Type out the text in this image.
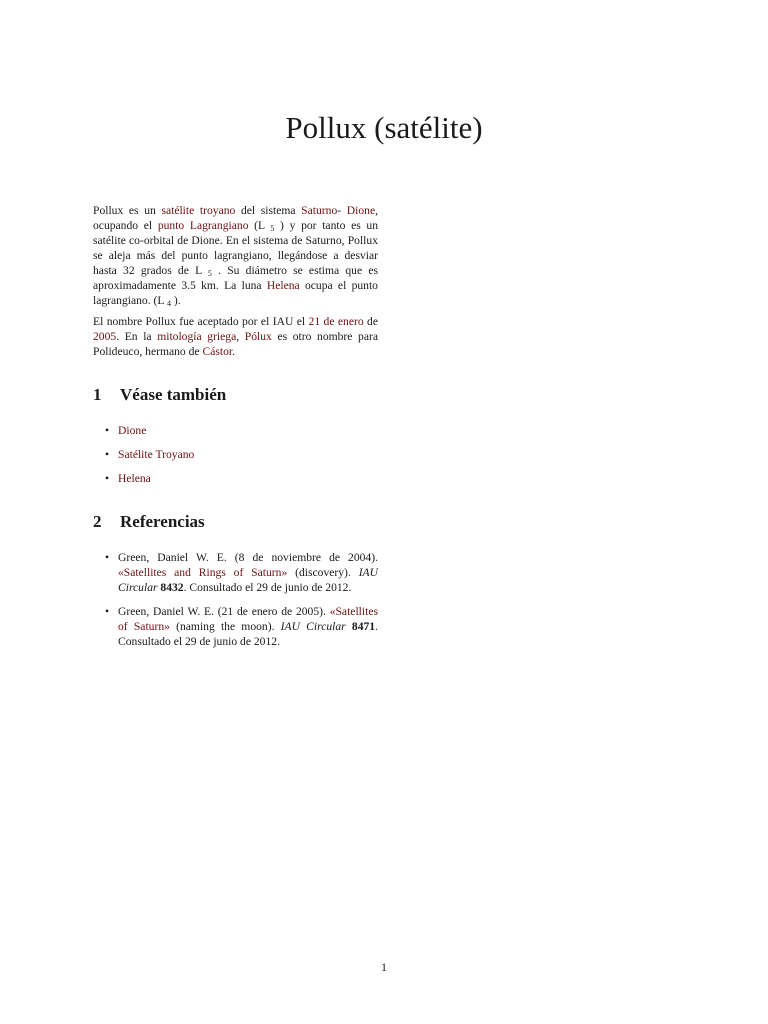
Pollux (satélite)

Pollux es un satélite troyano del sistema Saturno- Dione, ocupando el punto Lagrangiano (L $_5$ ) y por tanto es un satélite co-orbital de Dione. En el sistema de Saturno, Pollux se aleja más del punto lagrangiano, llegándose a desviar hasta 32 grados de L $_5$ . Su diámetro se estima que es aproximadamente 3.5 km. La luna Helena ocupa el punto lagrangiano. (L $_4$ ).

El nombre Pollux fue aceptado por el IAU el 21 de enero de 2005. En la mitología griega, Pólux es otro nombre para Polideuco, hermano de Cástor.

1 Véase también
• Dione
• Satélite Troyano
• Helena
2 Referencias
• Green, Daniel W. E. (8 de noviembre de 2004). «Satellites and Rings of Saturn» (discovery). IAU Circular 8432. Consultado el 29 de junio de 2012.
• Green, Daniel W. E. (21 de enero de 2005). «Satellites of Saturn» (naming the moon). IAU Circular 8471. Consultado el 29 de junio de 2012.
1
